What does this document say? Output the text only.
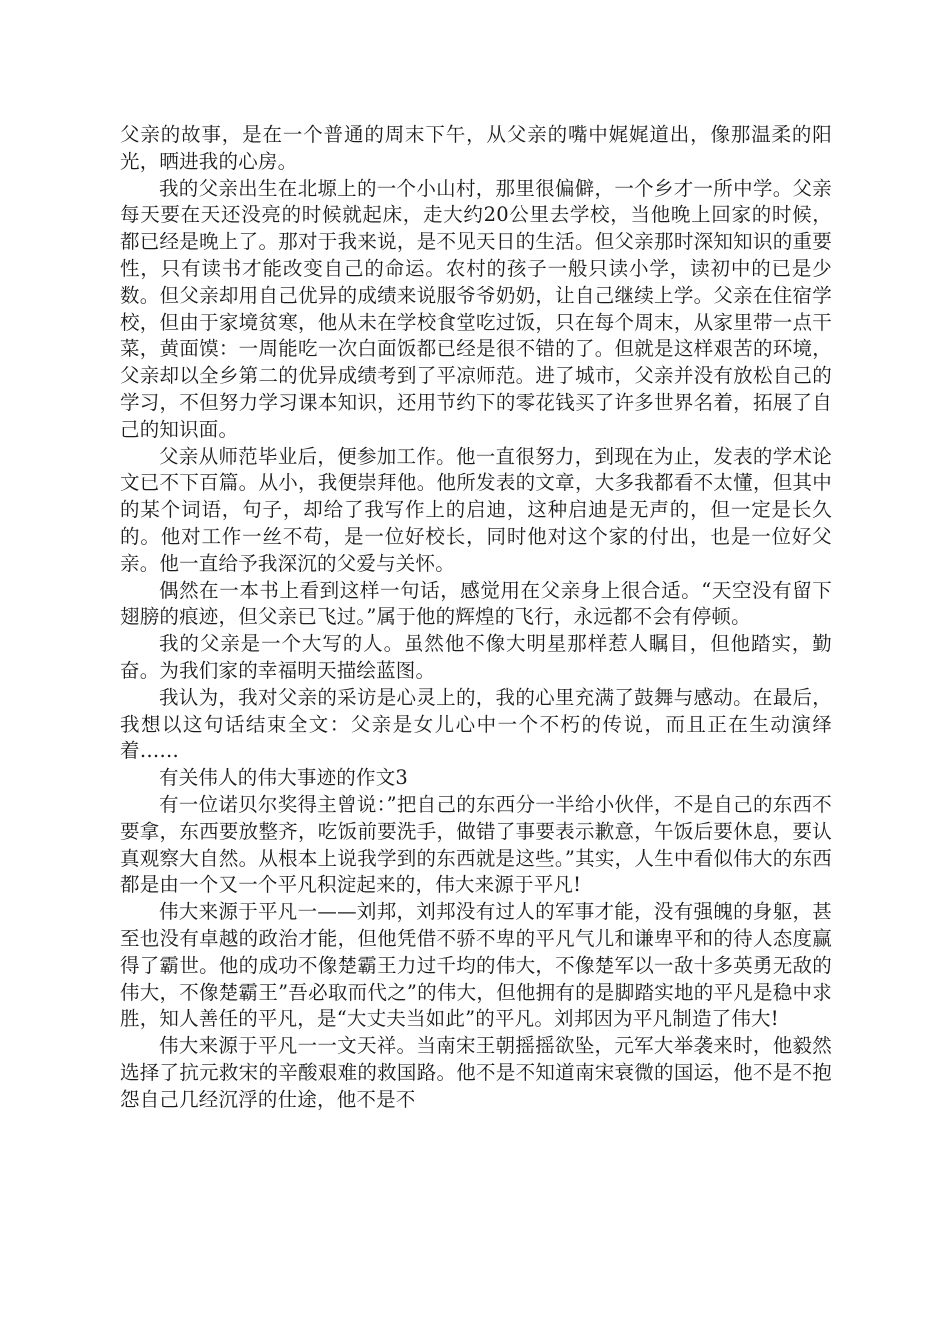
父亲的故事，是在一个普通的周末下午，从父亲的嘴中娓娓道出，像那温柔的阳光，晒进我的心房。

我的父亲出生在北塬上的一个小山村，那里很偏僻，一个乡才一所中学。父亲每天要在天还没亮的时候就起床，走大约20公里去学校，当他晚上回家的时候，都已经是晚上了。那对于我来说，是不见天日的生活。但父亲那时深知知识的重要性，只有读书才能改变自己的命运。农村的孩子一般只读小学，读初中的已是少数。但父亲却用自己优异的成绩来说服爷爷奶奶，让自己继续上学。父亲在住宿学校，但由于家境贫寒，他从未在学校食堂吃过饭，只在每个周末，从家里带一点干菜，黄面馍：一周能吃一次白面饭都已经是很不错的了。但就是这样艰苦的环境，父亲却以全乡第二的优异成绩考到了平凉师范。进了城市，父亲并没有放松自己的学习，不但努力学习课本知识，还用节约下的零花钱买了许多世界名着，拓展了自己的知识面。

父亲从师范毕业后，便参加工作。他一直很努力，到现在为止，发表的学术论文已不下百篇。从小，我便崇拜他。他所发表的文章，大多我都看不太懂，但其中的某个词语，句子，却给了我写作上的启迪，这种启迪是无声的，但一定是长久的。他对工作一丝不苟，是一位好校长，同时他对这个家的付出，也是一位好父亲。他一直给予我深沉的父爱与关怀。

偶然在一本书上看到这样一句话，感觉用在父亲身上很合适。“天空没有留下翅膀的痕迹，但父亲已飞过。”属于他的辉煌的飞行，永远都不会有停顿。

我的父亲是一个大写的人。虽然他不像大明星那样惹人瞩目，但他踏实，勤奋。为我们家的幸福明天描绘蓝图。

我认为，我对父亲的采访是心灵上的，我的心里充满了鼓舞与感动。在最后，我想以这句话结束全文：父亲是女儿心中一个不朽的传说，而且正在生动演绎着……

有关伟人的伟大事迹的作文3

有一位诺贝尔奖得主曾说：”把自己的东西分一半给小伙伴，不是自己的东西不要拿，东西要放整齐，吃饭前要洗手，做错了事要表示歉意，午饭后要休息，要认真观察大自然。从根本上说我学到的东西就是这些。”其实，人生中看似伟大的东西都是由一个又一个平凡积淀起来的，伟大来源于平凡!

伟大来源于平凡一——刘邦，刘邦没有过人的军事才能，没有强魄的身躯，甚至也没有卓越的政治才能，但他凭借不骄不卑的平凡气儿和谦卑平和的待人态度赢得了霸世。他的成功不像楚霸王力过千均的伟大，不像楚军以一敌十多英勇无敌的伟大，不像楚霸王”吾必取而代之”的伟大，但他拥有的是脚踏实地的平凡是稳中求胜，知人善任的平凡，是“大丈夫当如此”的平凡。刘邦因为平凡制造了伟大!

伟大来源于平凡一一文天祥。当南宋王朝摇摇欲坠，元军大举袭来时，他毅然选择了抗元救宋的辛酸艰难的救国路。他不是不知道南宋衰微的国运，他不是不抱怨自己几经沉浮的仕途，他不是不
